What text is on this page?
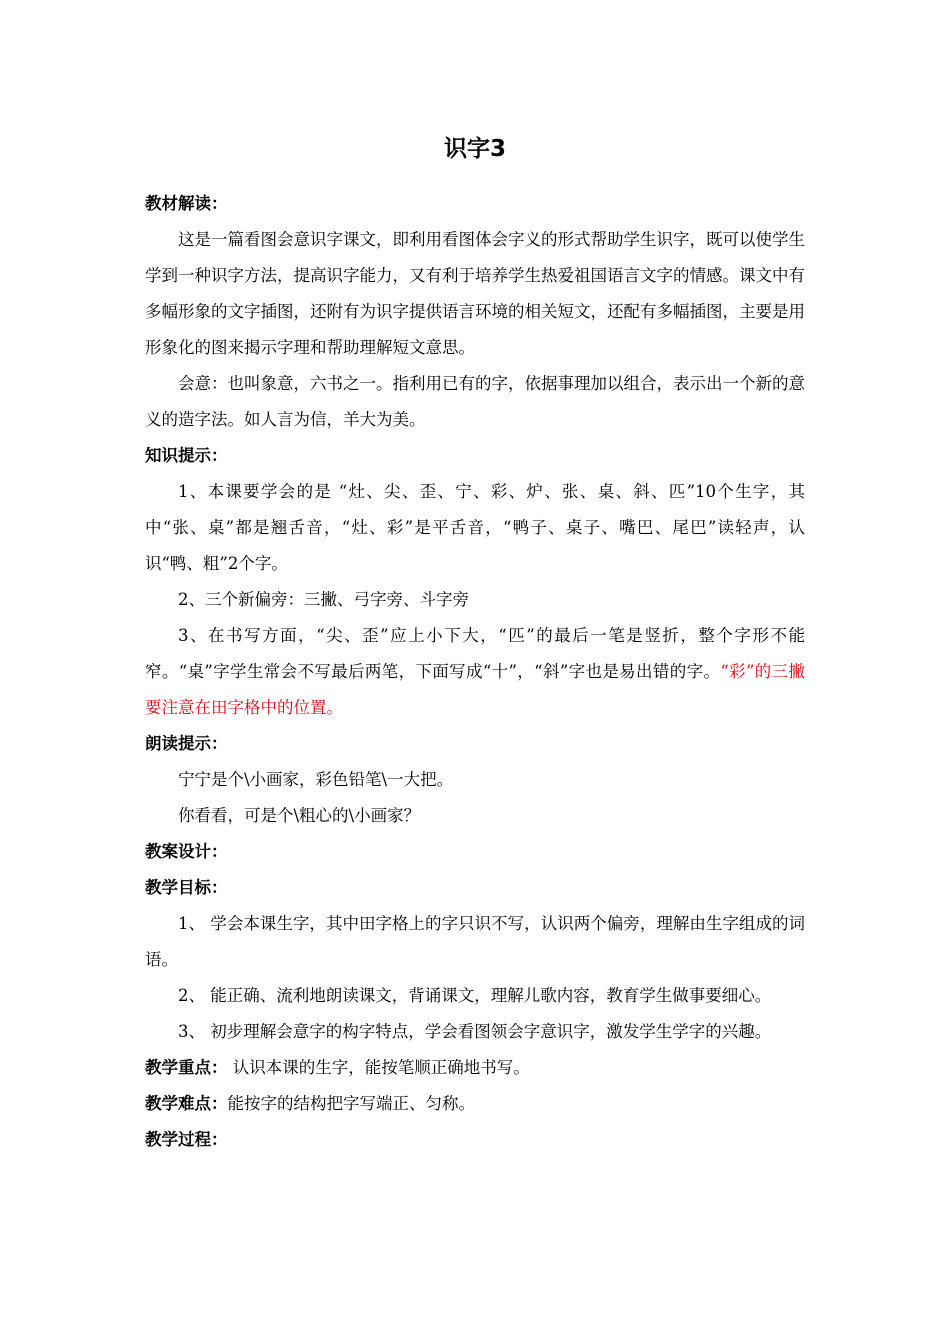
识字3
教材解读：
这是一篇看图会意识字课文，即利用看图体会字义的形式帮助学生识字，既可以使学生学到一种识字方法，提高识字能力，又有利于培养学生热爱祖国语言文字的情感。课文中有多幅形象的文字插图，还附有为识字提供语言环境的相关短文，还配有多幅插图，主要是用形象化的图来揭示字理和帮助理解短文意思。
会意：也叫象意，六书之一。指利用已有的字，依据事理加以组合，表示出一个新的意义的造字法。如人言为信，羊大为美。
知识提示：
1、本课要学会的是 “灶、尖、歪、宁、彩、炉、张、桌、斜、匹”10个生字，其中“张、桌”都是翘舌音，“灶、彩”是平舌音，“鸭子、桌子、嘴巴、尾巴”读轻声，认识“鸭、粗”2个字。
2、三个新偏旁：三撇、弓字旁、斗字旁
3、在书写方面，“尖、歪”应上小下大，“匹”的最后一笔是竖折，整个字形不能窄。“桌”字学生常会不写最后两笔，下面写成“十”，“斜”字也是易出错的字。“彩”的三撇要注意在田字格中的位置。
朗读提示：
宁宁是个\小画家，彩色铅笔\一大把。
你看看，可是个\粗心的\小画家？
教案设计：
教学目标：
1、 学会本课生字，其中田字格上的字只识不写，认识两个偏旁，理解由生字组成的词语。
2、 能正确、流利地朗读课文，背诵课文，理解儿歌内容，教育学生做事要细心。
3、 初步理解会意字的构字特点，学会看图领会字意识字，激发学生学字的兴趣。
教学重点： 认识本课的生字，能按笔顺正确地书写。
教学难点：能按字的结构把字写端正、匀称。
教学过程：
